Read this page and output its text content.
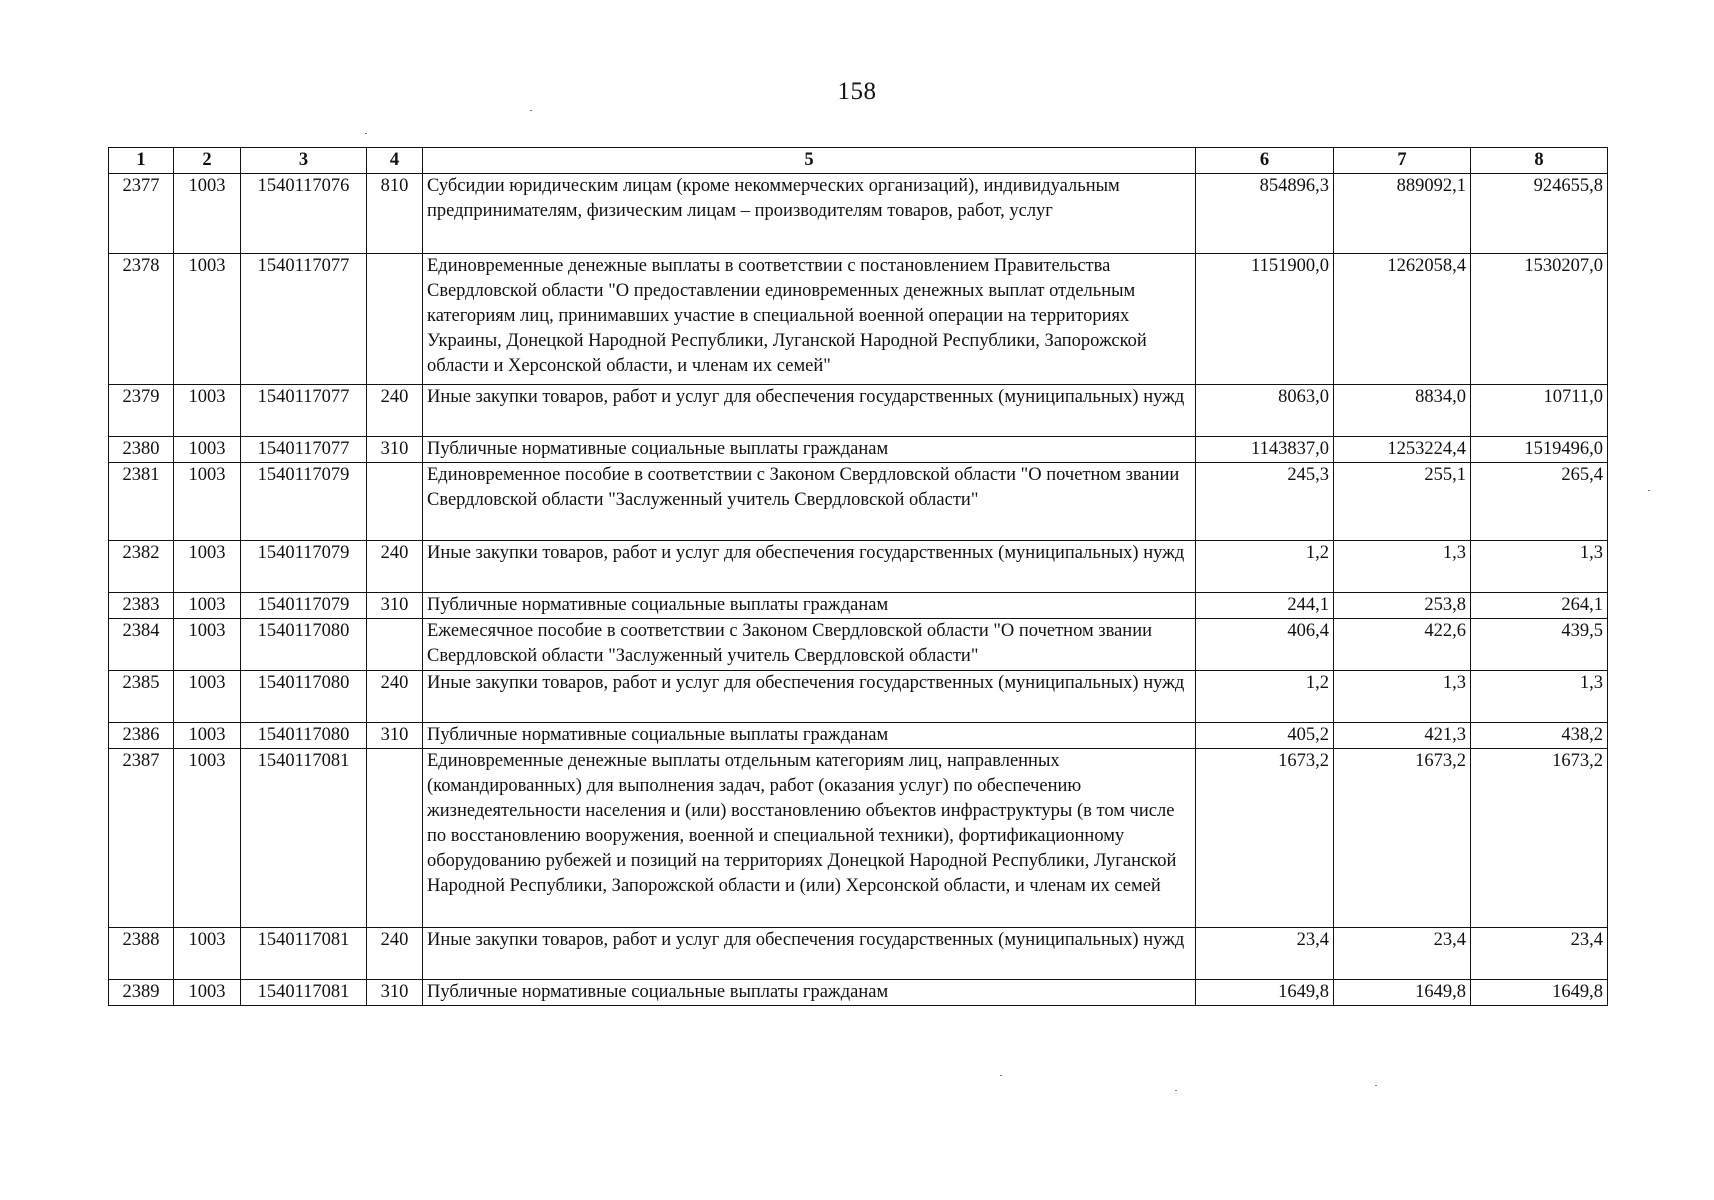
158
1	2	3	4	5	6	7	8
2377	1003	1540117076	810	Субсидии юридическим лицам (кроме некоммерческих организаций), индивидуальным предпринимателям, физическим лицам – производителям товаров, работ, услуг	854896,3	889092,1	924655,8
2378	1003	1540117077		Единовременные денежные выплаты в соответствии с постановлением Правительства Свердловской области "О предоставлении единовременных денежных выплат отдельным категориям лиц, принимавших участие в специальной военной операции на территориях Украины, Донецкой Народной Республики, Луганской Народной Республики, Запорожской области и Херсонской области, и членам их семей"	1151900,0	1262058,4	1530207,0
2379	1003	1540117077	240	Иные закупки товаров, работ и услуг для обеспечения государственных (муниципальных) нужд	8063,0	8834,0	10711,0
2380	1003	1540117077	310	Публичные нормативные социальные выплаты гражданам	1143837,0	1253224,4	1519496,0
2381	1003	1540117079		Единовременное пособие в соответствии с Законом Свердловской области "О почетном звании Свердловской области "Заслуженный учитель Свердловской области"	245,3	255,1	265,4
2382	1003	1540117079	240	Иные закупки товаров, работ и услуг для обеспечения государственных (муниципальных) нужд	1,2	1,3	1,3
2383	1003	1540117079	310	Публичные нормативные социальные выплаты гражданам	244,1	253,8	264,1
2384	1003	1540117080		Ежемесячное пособие в соответствии с Законом Свердловской области "О почетном звании Свердловской области "Заслуженный учитель Свердловской области"	406,4	422,6	439,5
2385	1003	1540117080	240	Иные закупки товаров, работ и услуг для обеспечения государственных (муниципальных) нужд	1,2	1,3	1,3
2386	1003	1540117080	310	Публичные нормативные социальные выплаты гражданам	405,2	421,3	438,2
2387	1003	1540117081		Единовременные денежные выплаты отдельным категориям лиц, направленных (командированных) для выполнения задач, работ (оказания услуг) по обеспечению жизнедеятельности населения и (или) восстановлению объектов инфраструктуры (в том числе по восстановлению вооружения, военной и специальной техники), фортификационному оборудованию рубежей и позиций на территориях Донецкой Народной Республики, Луганской Народной Республики, Запорожской области и (или) Херсонской области, и членам их семей	1673,2	1673,2	1673,2
2388	1003	1540117081	240	Иные закупки товаров, работ и услуг для обеспечения государственных (муниципальных) нужд	23,4	23,4	23,4
2389	1003	1540117081	310	Публичные нормативные социальные выплаты гражданам	1649,8	1649,8	1649,8
